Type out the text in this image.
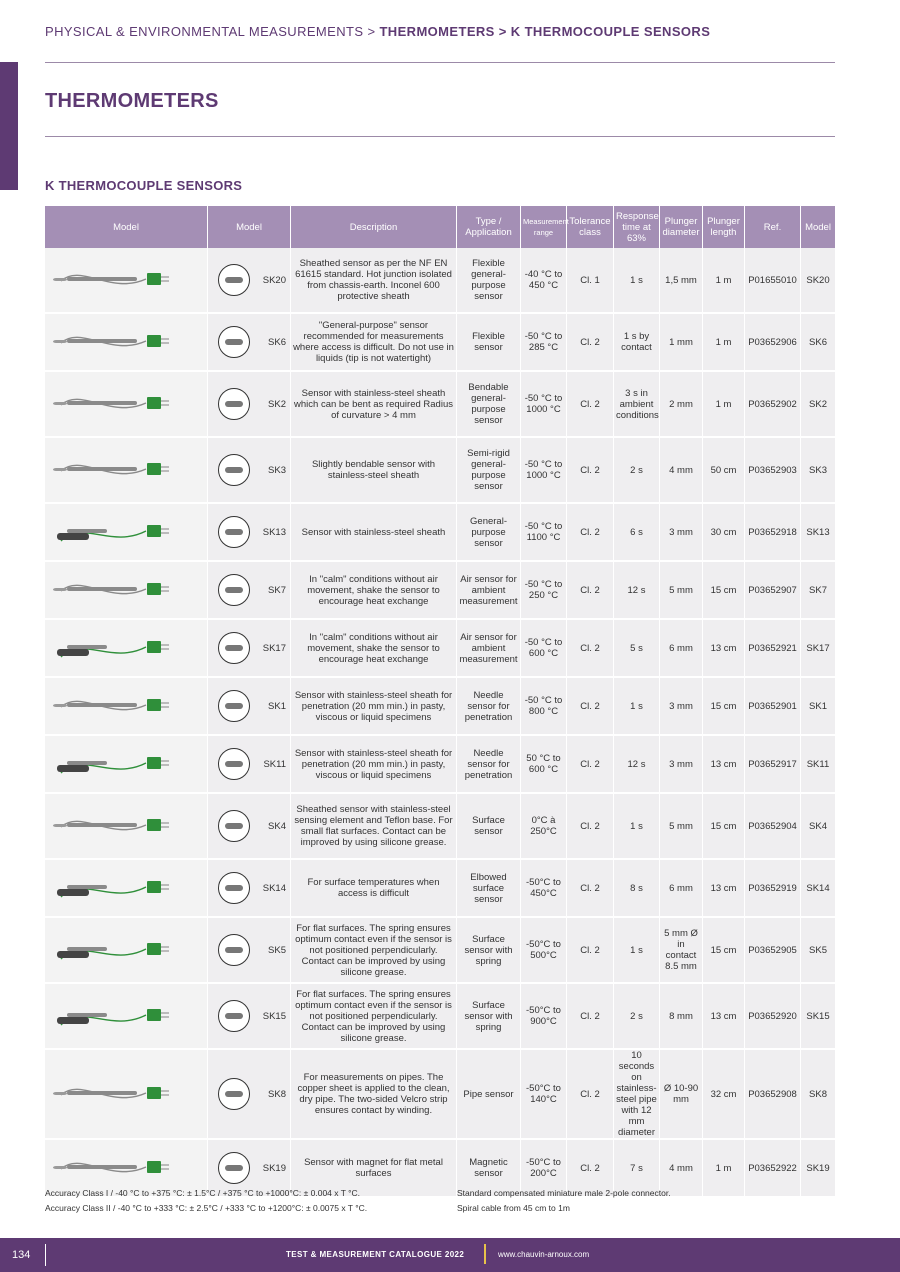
PHYSICAL & ENVIRONMENTAL MEASUREMENTS > THERMOMETERS > K THERMOCOUPLE SENSORS
THERMOMETERS
K THERMOCOUPLE SENSORS
Model	Model	Description	Type / Application	Measurement range	Tolerance class	Response time at 63%	Plunger diameter	Plunger length	Ref.	Model

SK20	Sheathed sensor as per the NF EN 61615 standard. Hot junction isolated from chassis-earth. Inconel 600 protective sheath	Flexible general-purpose sensor	-40 °C to 450 °C	Cl. 1	1 s	1,5 mm	1 m	P01655010	SK20

SK6	"General-purpose" sensor recommended for measurements where access is difficult. Do not use in liquids (tip is not watertight)	Flexible sensor	-50 °C to 285 °C	Cl. 2	1 s by contact	1 mm	1 m	P03652906	SK6

SK2	Sensor with stainless-steel sheath which can be bent as required Radius of curvature > 4 mm	Bendable general-purpose sensor	-50 °C to 1000 °C	Cl. 2	3 s in ambient conditions	2 mm	1 m	P03652902	SK2

SK3	Slightly bendable sensor with stainless-steel sheath	Semi-rigid general-purpose sensor	-50 °C to 1000 °C	Cl. 2	2 s	4 mm	50 cm	P03652903	SK3

SK13	Sensor with stainless-steel sheath	General-purpose sensor	-50 °C to 1100 °C	Cl. 2	6 s	3 mm	30 cm	P03652918	SK13

SK7	In "calm" conditions without air movement, shake the sensor to encourage heat exchange	Air sensor for ambient measurement	-50 °C to 250 °C	Cl. 2	12 s	5 mm	15 cm	P03652907	SK7

SK17	In "calm" conditions without air movement, shake the sensor to encourage heat exchange	Air sensor for ambient measurement	-50 °C to 600 °C	Cl. 2	5 s	6 mm	13 cm	P03652921	SK17

SK1	Sensor with stainless-steel sheath for penetration (20 mm min.) in pasty, viscous or liquid specimens	Needle sensor for penetration	-50 °C to 800 °C	Cl. 2	1 s	3 mm	15 cm	P03652901	SK1

SK11	Sensor with stainless-steel sheath for penetration (20 mm min.) in pasty, viscous or liquid specimens	Needle sensor for penetration	50 °C to 600 °C	Cl. 2	12 s	3 mm	13 cm	P03652917	SK11

SK4	Sheathed sensor with stainless-steel sensing element and Teflon base. For small flat surfaces. Contact can be improved by using silicone grease.	Surface sensor	0°C à 250°C	Cl. 2	1 s	5 mm	15 cm	P03652904	SK4

SK14	For surface temperatures when access is difficult	Elbowed surface sensor	-50°C to 450°C	Cl. 2	8 s	6 mm	13 cm	P03652919	SK14

SK5	For flat surfaces. The spring ensures optimum contact even if the sensor is not positioned perpendicularly. Contact can be improved by using silicone grease.	Surface sensor with spring	-50°C to 500°C	Cl. 2	1 s	5 mm Ø in contact 8.5 mm	15 cm	P03652905	SK5

SK15	For flat surfaces. The spring ensures optimum contact even if the sensor is not positioned perpendicularly. Contact can be improved by using silicone grease.	Surface sensor with spring	-50°C to 900°C	Cl. 2	2 s	8 mm	13 cm	P03652920	SK15

SK8	For measurements on pipes. The copper sheet is applied to the clean, dry pipe. The two-sided Velcro strip ensures contact by winding.	Pipe sensor	-50°C to 140°C	Cl. 2	10 seconds on stainless-steel pipe with 12 mm diameter	Ø 10-90 mm	32 cm	P03652908	SK8

SK19	Sensor with magnet for flat metal surfaces	Magnetic sensor	-50°C to 200°C	Cl. 2	7 s	4 mm	1 m	P03652922	SK19
Accuracy Class I / -40 °C to +375 °C: ± 1.5°C / +375 °C to +1000°C: ± 0.004 x T °C.
Accuracy Class II / -40 °C to +333 °C: ± 2.5°C / +333 °C to +1200°C: ± 0.0075 x T °C.
Standard compensated miniature male 2-pole connector.
Spiral cable from 45 cm to 1m
134	TEST & MEASUREMENT CATALOGUE 2022	www.chauvin-arnoux.com
